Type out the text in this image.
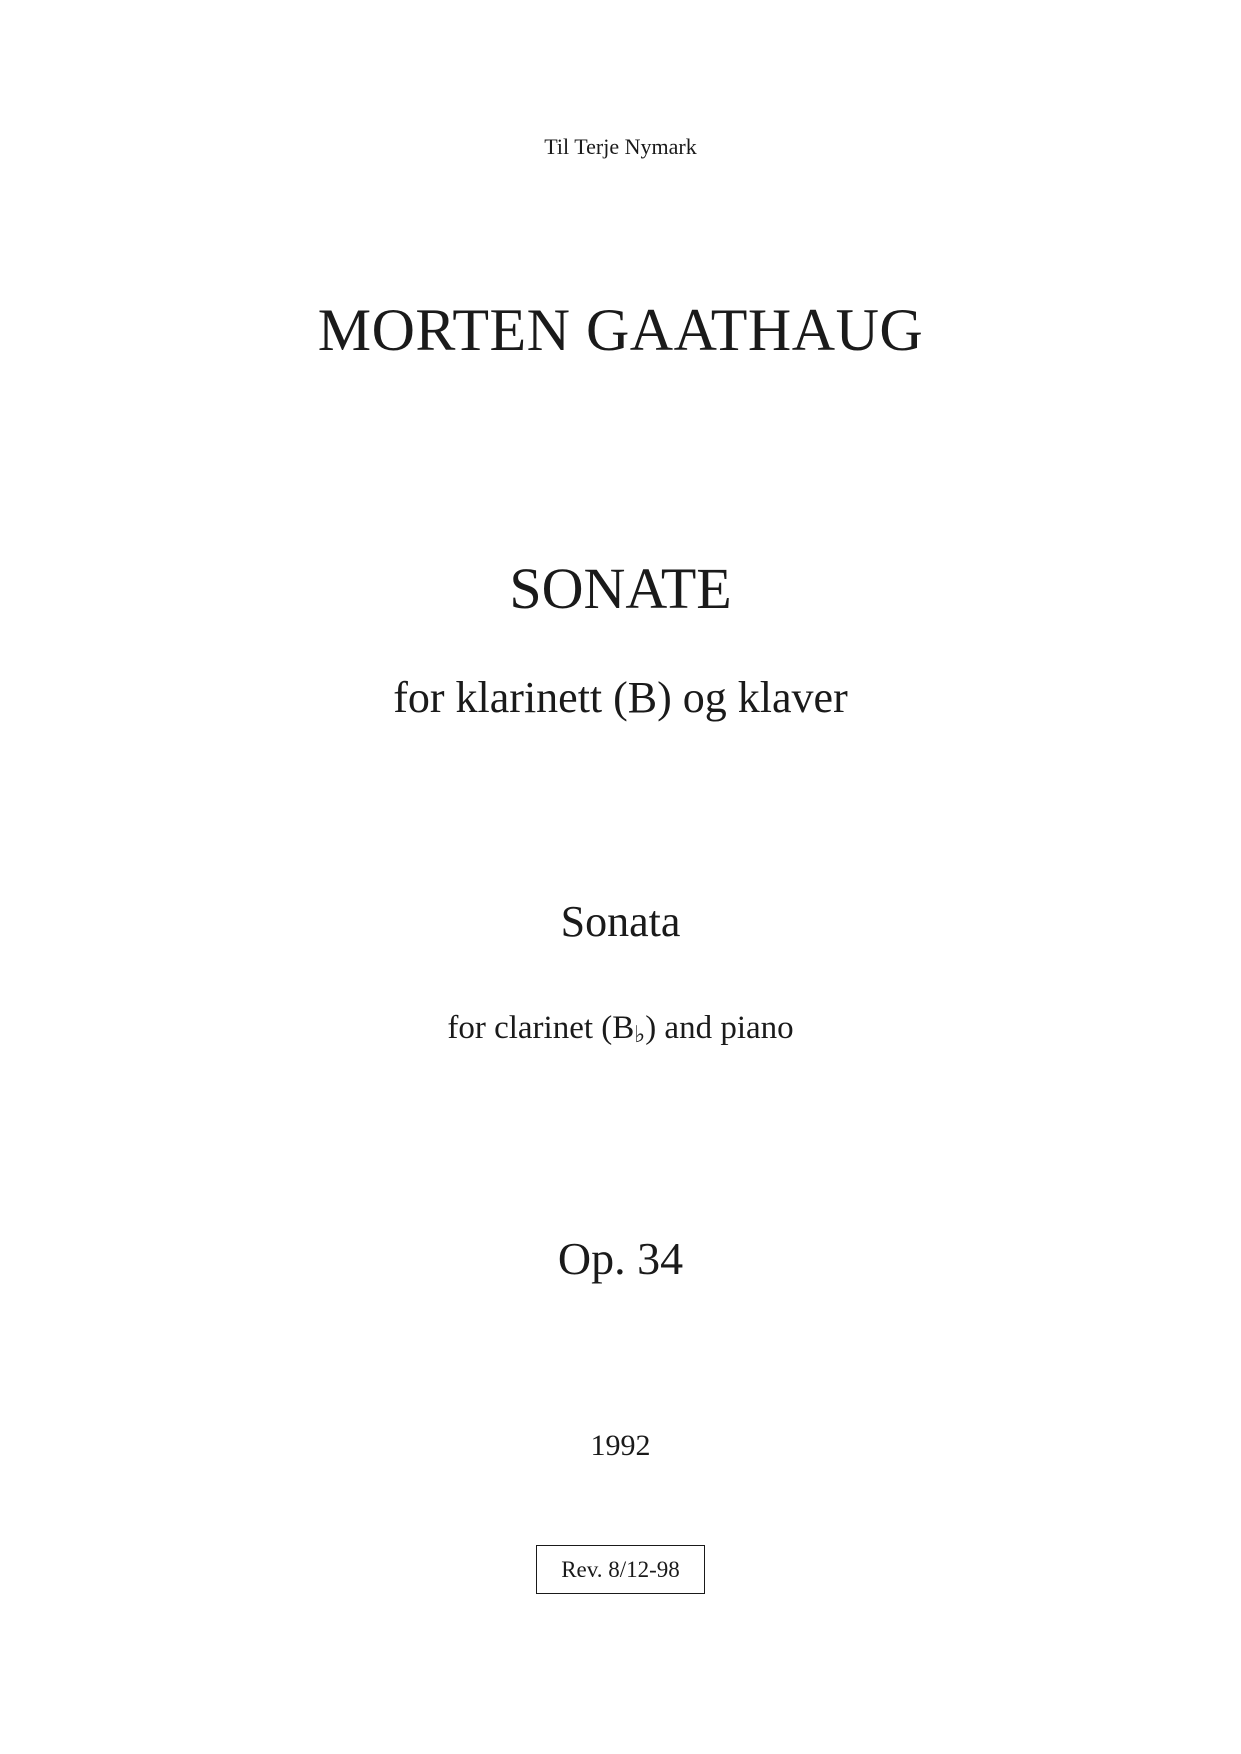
Til Terje Nymark
MORTEN GAATHAUG
SONATE
for klarinett (B) og klaver
Sonata
for clarinet (B♭) and piano
Op. 34
1992
Rev. 8/12-98
